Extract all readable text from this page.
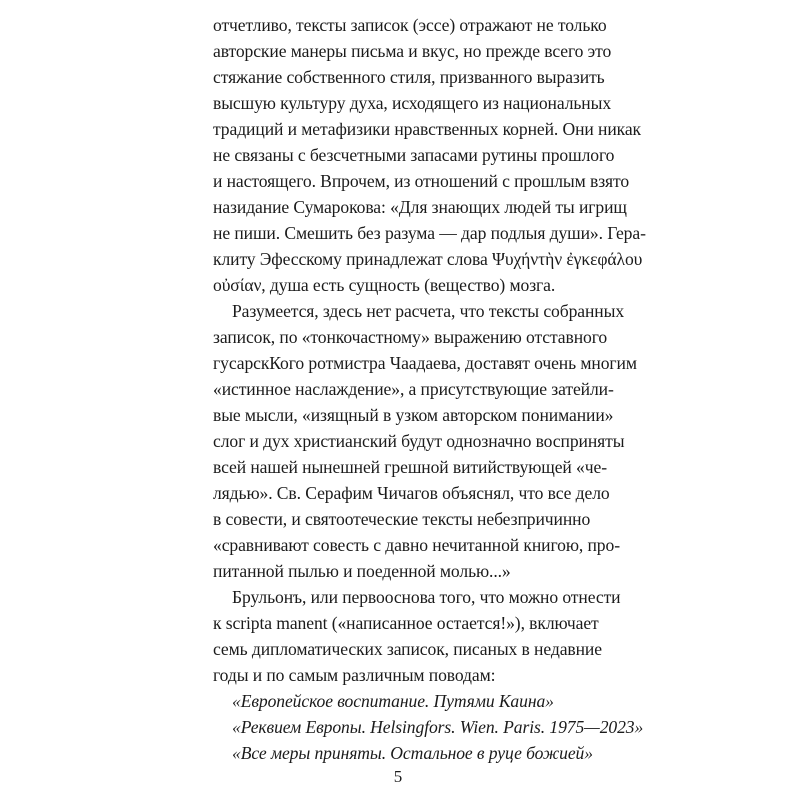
отчетливо, тексты записок (эссе) отражают не только
авторские манеры письма и вкус, но прежде всего это
стяжание собственного стиля, призванного выразить
высшую культуру духа, исходящего из национальных
традиций и метафизики нравственных корней. Они никак
не связаны с безсчетными запасами рутины прошлого
и настоящего. Впрочем, из отношений с прошлым взято
назидание Сумарокова: «Для знающих людей ты игрищ
не пиши. Смешить без разума — дар подлыя души». Гера-
клиту Эфесскому принадлежат слова Ψυχήντὴν ἐγκεφάλου
οὐσίαν, душа есть сущность (вещество) мозга.
Разумеется, здесь нет расчета, что тексты собранных
записок, по «тонкочастному» выражению отставного
гусарскКого ротмистра Чаадаева, доставят очень многим
«истинное наслаждение», а присутствующие затейли-
вые мысли, «изящный в узком авторском понимании»
слог и дух христианский будут однозначно восприняты
всей нашей нынешней грешной витийствующей «че-
лядью». Св. Серафим Чичагов объяснял, что все дело
в совести, и святоотеческие тексты небезпричинно
«сравнивают совесть с давно нечитанной книгою, про-
питанной пылью и поеденной молью...»
Брульонъ, или первооснова того, что можно отнести
к scripta manent («написанное остается!»), включает
семь дипломатических записок, писаных в недавние
годы и по самым различным поводам:
«Европейское воспитание. Путями Каина»
«Реквием Европы. Helsingfors. Wien. Paris. 1975—2023»
«Все меры приняты. Остальное в руце божией»
5
